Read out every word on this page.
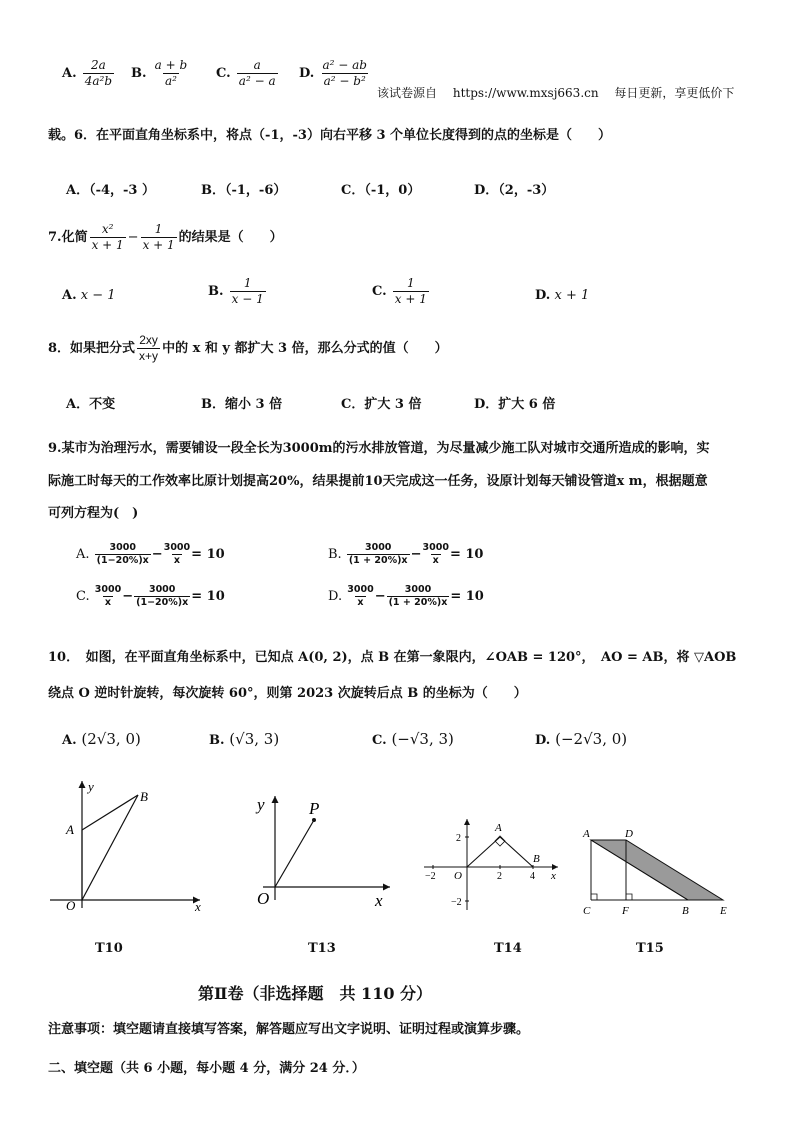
A. $\frac{2a}{\text{4a²b}} B$. $\frac{a + b}{\text{a²}} C$. $\frac{a}{\text{a² − a}} D$. $\frac{\text{a² − ab}}{\text{a² − b²}}$
该试卷源自 https://www.mxsj663.cn 每日更新，享更低价下
载。6．在平面直角坐标系中，将点（-1，-3）向右平移 3 个单位长度得到的点的坐标是（　　）
A．（-4，-3 ）	B．（-1，-6）	C．（-1，0）	D．（2，-3）
7.化简 $\frac{\text{x²}}{x + 1} - \frac{1}{x + 1}$ 的结果是（　　）
A. x − 1	B. $\frac{1}{x - 1}$	C. $\frac{1}{x + 1}$	D. x + 1
8．如果把分式 $\frac{2xy}{x+y}$ 中的 x 和 y 都扩大 3 倍，那么分式的值（　　）
A．不变	B．缩小 3 倍	C．扩大 3 倍	D．扩大 6 倍
9.某市为治理污水，需要铺设一段全长为3000m的污水排放管道，为尽量减少施工队对城市交通所造成的影响，实
际施工时每天的工作效率比原计划提高20%，结果提前10天完成这一任务，设原计划每天铺设管道x m，根据题意
可列方程为(　)
A. $\frac{3000}{(1-20\%)x} - \frac{3000}{x} = 10$	B. $\frac{3000}{(1 + 20\%)x} - \frac{3000}{x} = 10$
C. $\frac{3000}{x} - \frac{3000}{(1-20\%)x} = 10$	D. $\frac{3000}{x} - \frac{3000}{(1 + 20\%)x} = 10$
10．　如图，在平面直角坐标系中，已知点 A(0, 2)，点 B 在第一象限内，∠OAB = 120°，　AO = AB，将 ▽AOB
绕点 O 逆时针旋转，每次旋转 60°，则第 2023 次旋转后点 B 的坐标为（　　）
A. (2√3, 0)	B. (√3, 3)	C. (−√3, 3)	D. (−2√3, 0)
y
x
O
A
B
T10
y
x
O
P
T13
A
B
O	x
−2	2	4
2
−2
T14
A	D
C	F	B	E
T15
第Ⅱ卷（非选择题　共 110 分）
注意事项：填空题请直接填写答案，解答题应写出文字说明、证明过程或演算步骤。
二、填空题（共 6 小题，每小题 4 分，满分 24 分．）
